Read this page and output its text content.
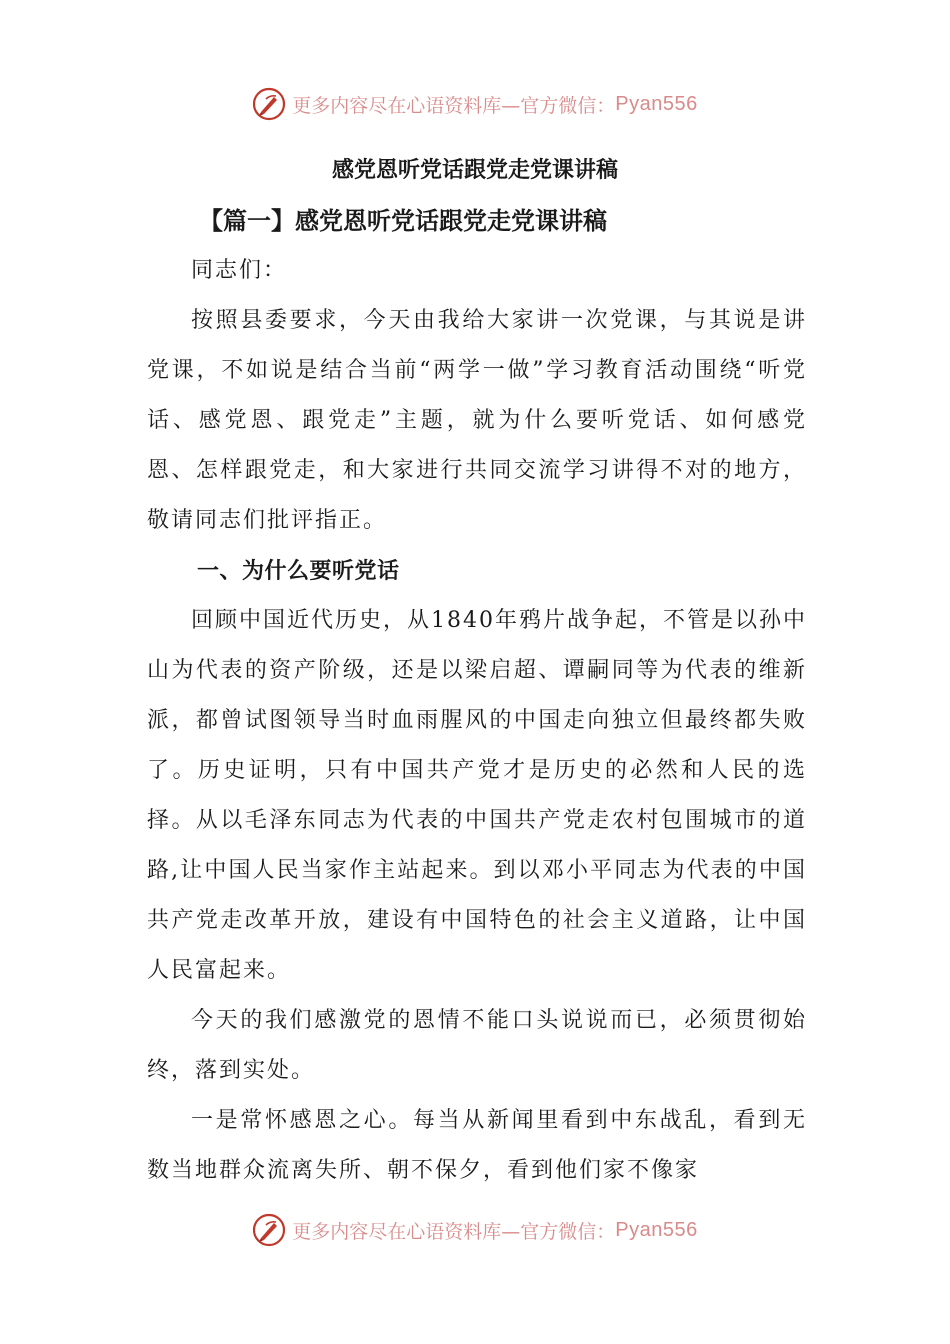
更多内容尽在心语资料库—官方微信： Pyan556
感党恩听党话跟党走党课讲稿

【篇一】感党恩听党话跟党走党课讲稿

同志们：

按照县委要求，今天由我给大家讲一次党课，与其说是讲党课，不如说是结合当前“两学一做”学习教育活动围绕“听党话、感党恩、跟党走”主题，就为什么要听党话、如何感党恩、怎样跟党走，和大家进行共同交流学习讲得不对的地方，敬请同志们批评指正。

一、为什么要听党话

回顾中国近代历史，从1840年鸦片战争起，不管是以孙中山为代表的资产阶级，还是以梁启超、谭嗣同等为代表的维新派，都曾试图领导当时血雨腥风的中国走向独立但最终都失败了。历史证明，只有中国共产党才是历史的必然和人民的选择。从以毛泽东同志为代表的中国共产党走农村包围城市的道路,让中国人民当家作主站起来。到以邓小平同志为代表的中国共产党走改革开放，建设有中国特色的社会主义道路，让中国人民富起来。

今天的我们感激党的恩情不能口头说说而已，必须贯彻始终，落到实处。

一是常怀感恩之心。每当从新闻里看到中东战乱，看到无数当地群众流离失所、朝不保夕，看到他们家不像家

更多内容尽在心语资料库—官方微信： Pyan556
